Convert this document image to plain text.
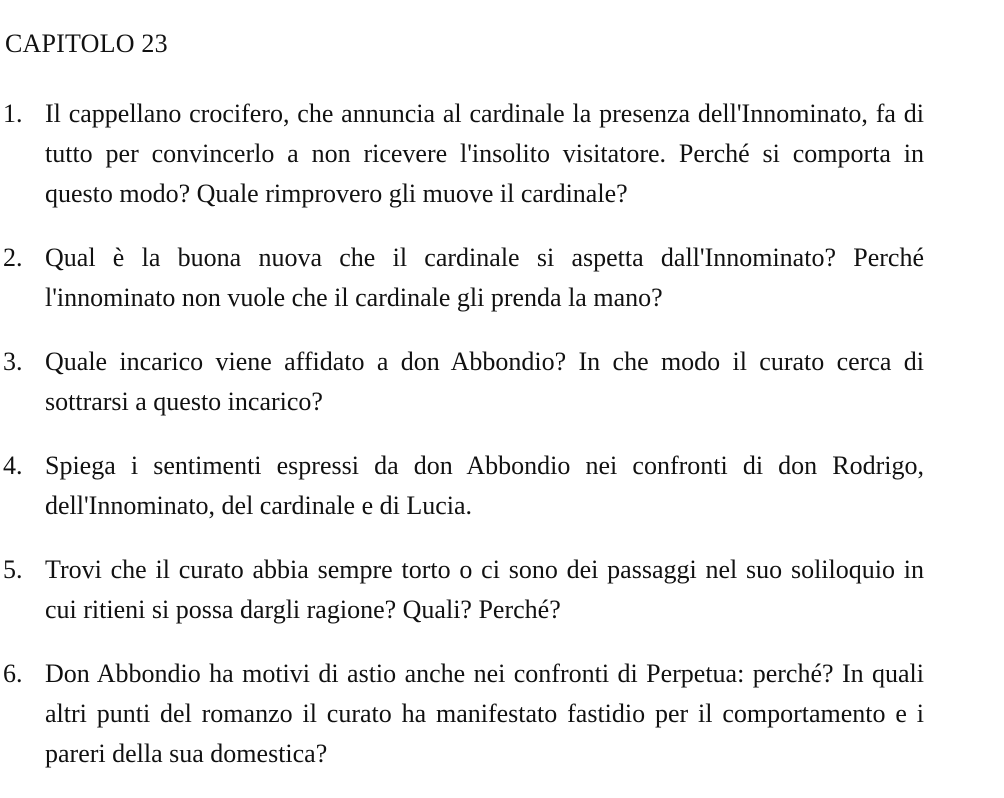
CAPITOLO 23
1. Il cappellano crocifero, che annuncia al cardinale la presenza dell'Innominato, fa di tutto per convincerlo a non ricevere l'insolito visitatore. Perché si comporta in questo modo? Quale rimprovero gli muove il cardinale?

2. Qual è la buona nuova che il cardinale si aspetta dall'Innominato? Perché l'innominato non vuole che il cardinale gli prenda la mano?

3. Quale incarico viene affidato a don Abbondio? In che modo il curato cerca di sottrarsi a questo incarico?

4. Spiega i sentimenti espressi da don Abbondio nei confronti di don Rodrigo, dell'Innominato, del cardinale e di Lucia.

5. Trovi che il curato abbia sempre torto o ci sono dei passaggi nel suo soliloquio in cui ritieni si possa dargli ragione? Quali? Perché?

6. Don Abbondio ha motivi di astio anche nei confronti di Perpetua: perché? In quali altri punti del romanzo il curato ha manifestato fastidio per il comportamento e i pareri della sua domestica?
